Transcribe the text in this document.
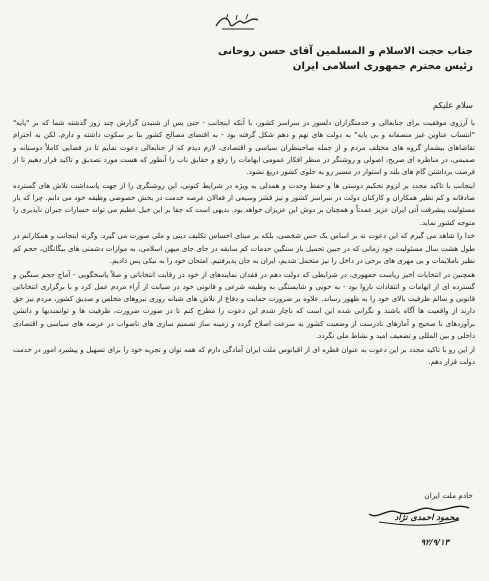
جناب حجت الاسلام و المسلمین آقای حسن روحانی
رئیس محترم جمهوری اسلامی ایران
سلام علیکم

با آرزوی موفقیت برای جنابعالی و خدمتگزاران دلسوز در سراسر کشور، با آنکه اینجانب - حتی پس از شنیدن گزارش چند روز گذشته شما که بر "پایه" "انتساب عناوین غیر منصفانه و بی پایه" به دولت های نهم و دهم شکل گرفته بود - به اقتضای مصالح کشور بنا بر سکوت داشته و دارم، لکن به احترام تقاضاهای بیشمار گروه های مختلف مردم و از جمله صاحبنظران سیاسی و اقتصادی، لازم دیدم که از جنابعالی دعوت نمایم تا در فضایی کاملاً دوستانه و صمیمی، در مناظره ای صریح، اصولی و روشنگر در منظر افکار عمومی ابهامات را رفع و حقایق ناب را آنطور که هست مورد تصدیق و تاکید قرار دهیم تا از فرصت برداشتن گام های بلند و استوار در مسیر رو به جلوی کشور دریغ نشود.

اینجانب با تاکید مجدد بر لزوم تحکیم دوستی ها و حفظ وحدت و همدلی به ویژه در شرایط کنونی، این روشنگری را از جهت پاسداشت تلاش های گسترده صادقانه و کم نظیر همکاران و کارکنان دولت در سراسر کشور و نیز قشر وسیعی از فعالان عرصه خدمت در بخش خصوصی وظیفه خود می دانم. چرا که بار مسئولیت پیشرفت آتی ایران عزیز عمدتاً و همچنان بر دوش این عزیزان خواهد بود. بدیهی است که جفا بر این خیل عظیم می تواند خسارات جبران ناپذیری را متوجه کشور نماید.

خدا را شاهد می گیرم که این دعوت نه بر اساس یک حس شخصی، بلکه بر مبنای احساس تکلیف دینی و ملی صورت می گیرد. وگرنه اینجانب و همکارانم در طول هشت سال مسئولیت خود زمانی که در جبین تحمیل بار سنگین خدمات کم سابقه در جای جای میهن اسلامی، به موازات دشمنی های بیگانگان، حجم کم نظیر ناملایمات و بی مهری های برخی در داخل را نیز متحمل شدیم، ایران به جان پذیرفتیم. امتحان خود را به نیکی پس دادیم.

همچنین در انتخابات اخیر ریاست جمهوری، در شرایطی که دولت دهم در فقدان نمایندهای از خود در رقابت انتخاباتی و صلاً پاسخگویی - آماج حجم سنگین و گسترده ای از اتهامات و انتقادات ناروا بود - به خوبی و شایستگی به وظیفه شرعی و قانونی خود در صیانت از آراء مردم عمل کرد و با برگزاری انتخاباتی قانونی و سالم ظرفیت بالای خود را به ظهور رساند. علاوه بر ضرورت حمایت و دفاع از تلاش های شبانه روزی نیروهای مخلص و صدیق کشور، مردم نیز حق دارند از واقعیت ها آگاه باشند و نگرانی شده این است که ناچار شدم این دعوت را مطرح کنم تا در صورت ضرورت، ظرفیت ها و توانمندیها و دانشن برآوردهای نا صحیح و آمارهای نادرست از وضعیت کشور به سرعت اصلاح گردد و زمینه ساز تصمیم سازی های ناصواب در عرصه های سیاسی و اقتصادی داخلی و بین المللی و تضعیف امید و نشاط ملی نگردد.

از این رو با تاکید مجدد بر این دعوت به عنوان قطره ای از اقیانوس ملت ایران آمادگی دارم که همه توان و تجربه خود را برای تسهیل و پیشبرد امور در خدمت دولت قرار دهم.

خادم ملت ایران
محمود احمدی نژاد
۹۲/۹/۱۳
